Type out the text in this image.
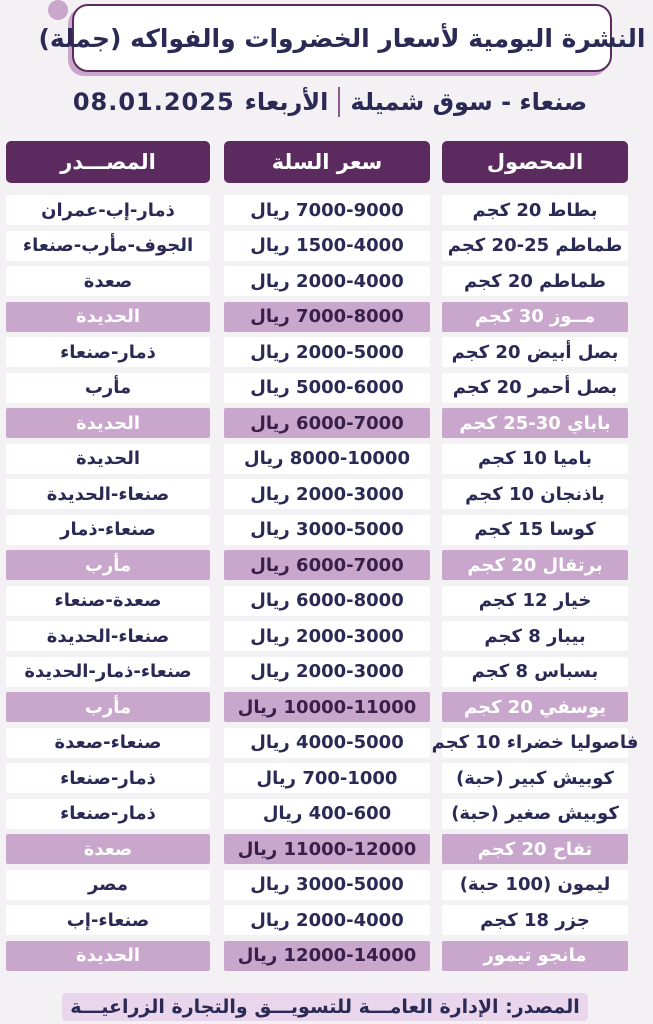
النشرة اليومية لأسعار الخضروات والفواكه (جملة)
صنعاء - سوق شميلة
الأربعاء
08.01.2025
المحصول
سعر السلة
المصـــدر
بطاط 20 كجم
7000-9000 ريال
ذمار-إب-عمران
طماطم 25-20 كجم
1500-4000 ريال
الجوف-مأرب-صنعاء
طماطم 20 كجم
2000-4000 ريال
صعدة
مــوز 30 كجم
7000-8000 ريال
الحديدة
بصل أبيض 20 كجم
2000-5000 ريال
ذمار-صنعاء
بصل أحمر 20 كجم
5000-6000 ريال
مأرب
باباي 30-25 كجم
6000-7000 ريال
الحديدة
باميا 10 كجم
8000-10000 ريال
الحديدة
باذنجان 10 كجم
2000-3000 ريال
صنعاء-الحديدة
كوسا 15 كجم
3000-5000 ريال
صنعاء-ذمار
برتقال 20 كجم
6000-7000 ريال
مأرب
خيار 12 كجم
6000-8000 ريال
صعدة-صنعاء
بيبار 8 كجم
2000-3000 ريال
صنعاء-الحديدة
بسباس 8 كجم
2000-3000 ريال
صنعاء-ذمار-الحديدة
يوسفي 20 كجم
10000-11000 ريال
مأرب
فاصوليا خضراء 10 كجم
4000-5000 ريال
صنعاء-صعدة
كوبيش كبير (حبة)
700-1000 ريال
ذمار-صنعاء
كوبيش صغير (حبة)
400-600 ريال
ذمار-صنعاء
تفاح 20 كجم
11000-12000 ريال
صعدة
ليمون (100 حبة)
3000-5000 ريال
مصر
جزر 18 كجم
2000-4000 ريال
صنعاء-إب
مانجو تيمور
12000-14000 ريال
الحديدة
المصدر: الإدارة العامـــة للتسويـــق والتجارة الزراعيـــة
